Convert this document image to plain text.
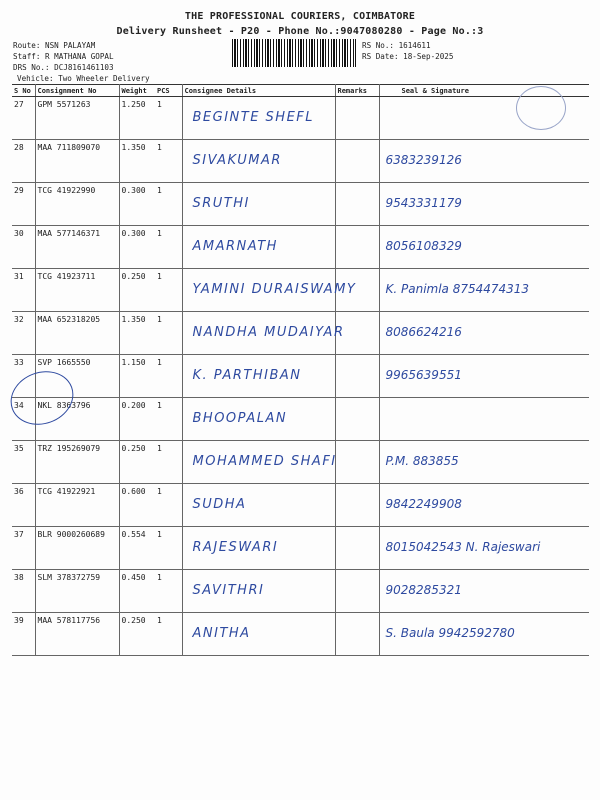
THE PROFESSIONAL COURIERS, COIMBATORE
Delivery Runsheet - P20 - Phone No.:9047080280 - Page No.:3
Route: NSN PALAYAM
Staff: R MATHANA GOPAL
DRS No.: DCJ8161461103
Vehicle: Two Wheeler Delivery
RS No.: 1614611
RS Date: 18-Sep-2025
S No	Consignment No	Weight	PCS	Consignee Details	Remarks	Seal & Signature
27	GPM 5571263	1.250	1	BEGINTE SHEFL		

28	MAA 711809070	1.350	1	SIVAKUMAR		6383239126

29	TCG 41922990	0.300	1	SRUTHI		9543331179

30	MAA 577146371	0.300	1	AMARNATH		8056108329

31	TCG 41923711	0.250	1	YAMINI DURAISWAMY		K. Panimla 8754474313

32	MAA 652318205	1.350	1	NANDHA MUDAIYAR		8086624216

33	SVP 1665550	1.150	1	K. PARTHIBAN		9965639551

34	NKL 8363796	0.200	1	BHOOPALAN		

35	TRZ 195269079	0.250	1	MOHAMMED SHAFI		P.M. 883855

36	TCG 41922921	0.600	1	SUDHA		9842249908

37	BLR 9000260689	0.554	1	RAJESWARI		8015042543 N. Rajeswari

38	SLM 378372759	0.450	1	SAVITHRI		9028285321

39	MAA 578117756	0.250	1	ANITHA		S. Baula 9942592780
